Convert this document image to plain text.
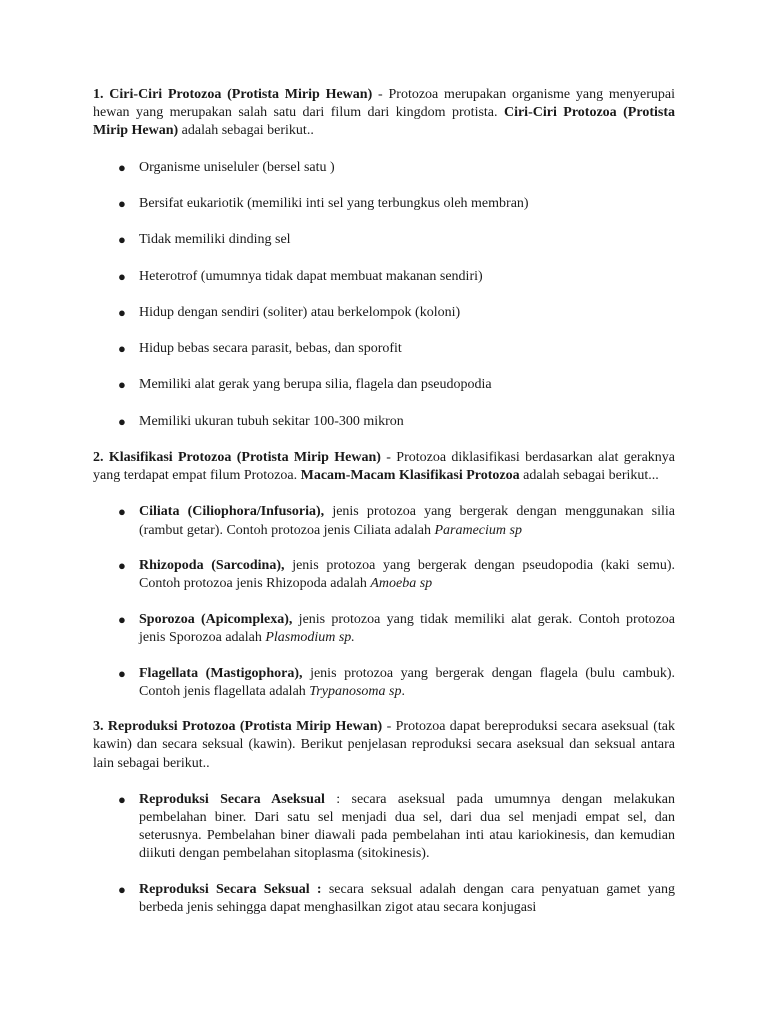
1. Ciri-Ciri Protozoa (Protista Mirip Hewan) - Protozoa merupakan organisme yang menyerupai hewan yang merupakan salah satu dari filum dari kingdom protista. Ciri-Ciri Protozoa (Protista Mirip Hewan) adalah sebagai berikut..

● Organisme uniseluler (bersel satu )
● Bersifat eukariotik (memiliki inti sel yang terbungkus oleh membran)
● Tidak memiliki dinding sel
● Heterotrof (umumnya tidak dapat membuat makanan sendiri)
● Hidup dengan sendiri (soliter) atau berkelompok (koloni)
● Hidup bebas secara parasit, bebas, dan sporofit
● Memiliki alat gerak yang berupa silia, flagela dan pseudopodia
● Memiliki ukuran tubuh sekitar 100-300 mikron

2. Klasifikasi Protozoa (Protista Mirip Hewan) - Protozoa diklasifikasi berdasarkan alat geraknya yang terdapat empat filum Protozoa. Macam-Macam Klasifikasi Protozoa adalah sebagai berikut...

● Ciliata (Ciliophora/Infusoria), jenis protozoa yang bergerak dengan menggunakan silia (rambut getar). Contoh protozoa jenis Ciliata adalah Paramecium sp
● Rhizopoda (Sarcodina), jenis protozoa yang bergerak dengan pseudopodia (kaki semu). Contoh protozoa jenis Rhizopoda adalah Amoeba sp
● Sporozoa (Apicomplexa), jenis protozoa yang tidak memiliki alat gerak. Contoh protozoa jenis Sporozoa adalah Plasmodium sp.
● Flagellata (Mastigophora), jenis protozoa yang bergerak dengan flagela (bulu cambuk). Contoh jenis flagellata adalah Trypanosoma sp.

3. Reproduksi Protozoa (Protista Mirip Hewan) - Protozoa dapat bereproduksi secara aseksual (tak kawin) dan secara seksual (kawin). Berikut penjelasan reproduksi secara aseksual dan seksual antara lain sebagai berikut..

● Reproduksi Secara Aseksual : secara aseksual pada umumnya dengan melakukan pembelahan biner. Dari satu sel menjadi dua sel, dari dua sel menjadi empat sel, dan seterusnya. Pembelahan biner diawali pada pembelahan inti atau kariokinesis, dan kemudian diikuti dengan pembelahan sitoplasma (sitokinesis).
● Reproduksi Secara Seksual : secara seksual adalah dengan cara penyatuan gamet yang berbeda jenis sehingga dapat menghasilkan zigot atau secara konjugasi
